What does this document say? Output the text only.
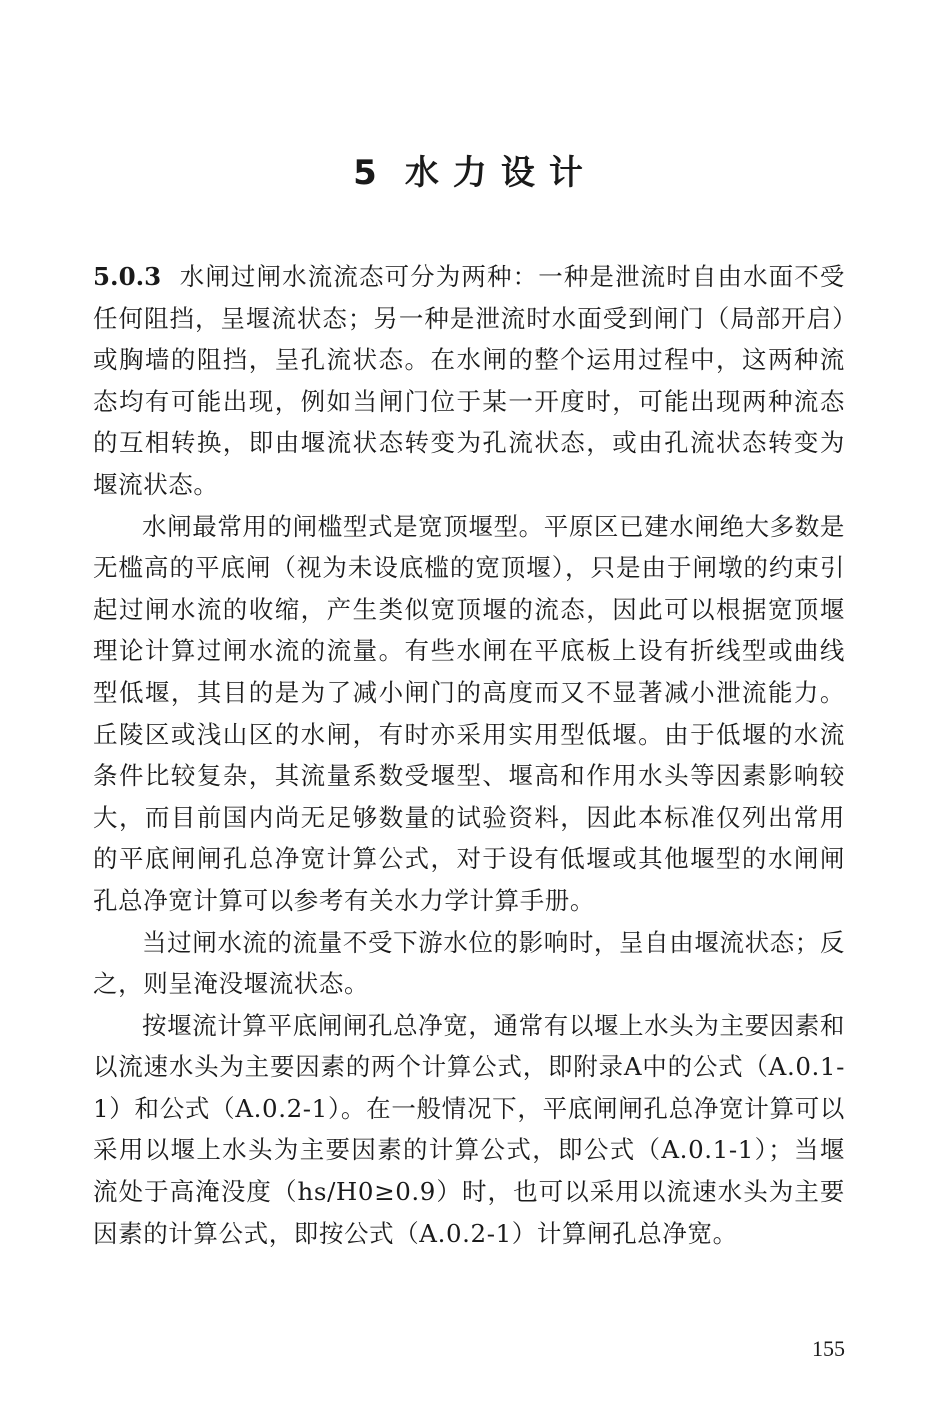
5 水力设计

5.0.3 水闸过闸水流流态可分为两种：一种是泄流时自由水面不受任何阻挡，呈堰流状态；另一种是泄流时水面受到闸门（局部开启）或胸墙的阻挡，呈孔流状态。在水闸的整个运用过程中，这两种流态均有可能出现，例如当闸门位于某一开度时，可能出现两种流态的互相转换，即由堰流状态转变为孔流状态，或由孔流状态转变为堰流状态。

水闸最常用的闸槛型式是宽顶堰型。平原区已建水闸绝大多数是无槛高的平底闸（视为未设底槛的宽顶堰），只是由于闸墩的约束引起过闸水流的收缩，产生类似宽顶堰的流态，因此可以根据宽顶堰理论计算过闸水流的流量。有些水闸在平底板上设有折线型或曲线型低堰，其目的是为了减小闸门的高度而又不显著减小泄流能力。丘陵区或浅山区的水闸，有时亦采用实用型低堰。由于低堰的水流条件比较复杂，其流量系数受堰型、堰高和作用水头等因素影响较大，而目前国内尚无足够数量的试验资料，因此本标准仅列出常用的平底闸闸孔总净宽计算公式，对于设有低堰或其他堰型的水闸闸孔总净宽计算可以参考有关水力学计算手册。

当过闸水流的流量不受下游水位的影响时，呈自由堰流状态；反之，则呈淹没堰流状态。

按堰流计算平底闸闸孔总净宽，通常有以堰上水头为主要因素和以流速水头为主要因素的两个计算公式，即附录A中的公式（A.0.1-1）和公式（A.0.2-1）。在一般情况下，平底闸闸孔总净宽计算可以采用以堰上水头为主要因素的计算公式，即公式（A.0.1-1）；当堰流处于高淹没度（hs/H0≥0.9）时，也可以采用以流速水头为主要因素的计算公式，即按公式（A.0.2-1）计算闸孔总净宽。

155
